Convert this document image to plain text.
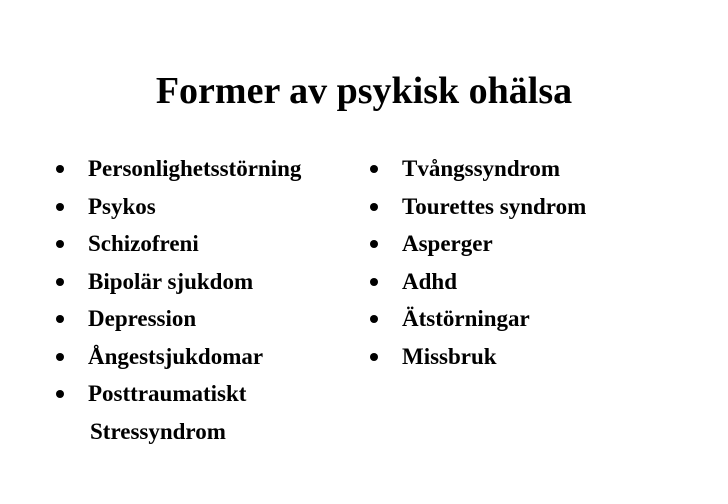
Former av psykisk ohälsa
Personlighetsstörning
Psykos
Schizofreni
Bipolär sjukdom
Depression
Ångestsjukdomar
Posttraumatiskt
Stressyndrom
Tvångssyndrom
Tourettes syndrom
Asperger
Adhd
Ätstörningar
Missbruk
